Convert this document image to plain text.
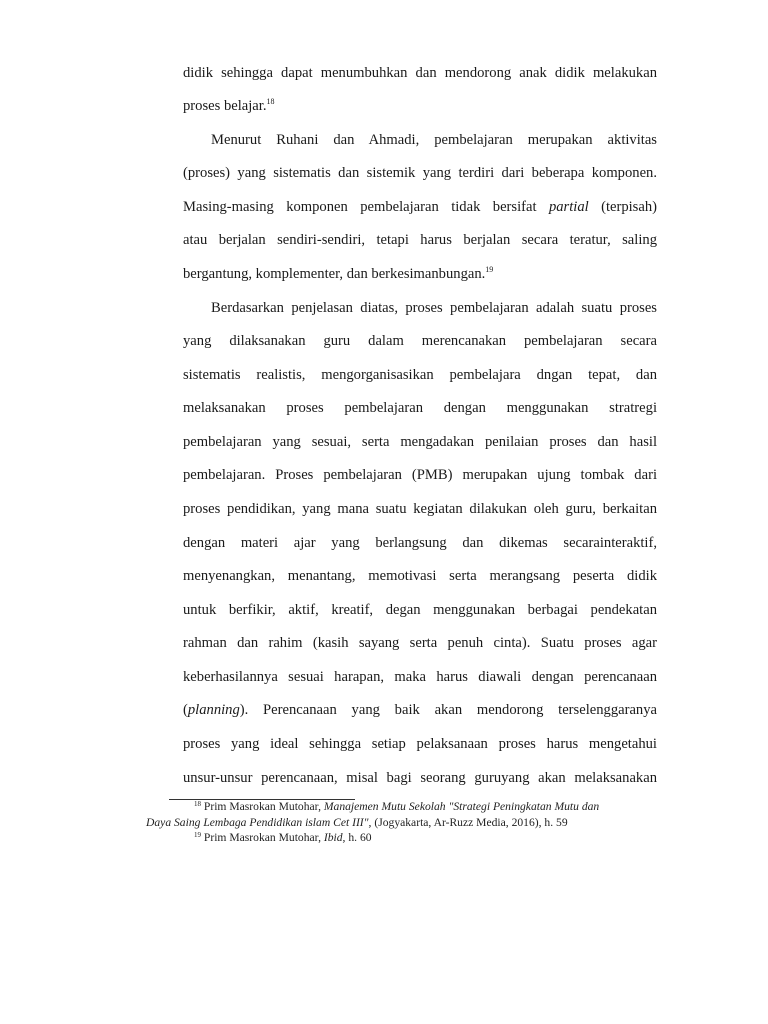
didik sehingga dapat menumbuhkan dan mendorong anak didik melakukan
proses belajar.$^{18}$
Menurut Ruhani dan Ahmadi, pembelajaran merupakan aktivitas
(proses) yang sistematis dan sistemik yang terdiri dari beberapa komponen.
Masing-masing komponen pembelajaran tidak bersifat partial (terpisah)
atau berjalan sendiri-sendiri, tetapi harus berjalan secara teratur, saling
bergantung, komplementer, dan berkesimanbungan.$^{19}$
Berdasarkan penjelasan diatas, proses pembelajaran adalah suatu proses
yang dilaksanakan guru dalam merencanakan pembelajaran secara
sistematis realistis, mengorganisasikan pembelajara dngan tepat, dan
melaksanakan proses pembelajaran dengan menggunakan stratregi
pembelajaran yang sesuai, serta mengadakan penilaian proses dan hasil
pembelajaran. Proses pembelajaran (PMB) merupakan ujung tombak dari
proses pendidikan, yang mana suatu kegiatan dilakukan oleh guru, berkaitan
dengan materi ajar yang berlangsung dan dikemas secarainteraktif,
menyenangkan, menantang, memotivasi serta merangsang peserta didik
untuk berfikir, aktif, kreatif, degan menggunakan berbagai pendekatan
rahman dan rahim (kasih sayang serta penuh cinta). Suatu proses agar
keberhasilannya sesuai harapan, maka harus diawali dengan perencanaan
(planning). Perencanaan yang baik akan mendorong terselenggaranya
proses yang ideal sehingga setiap pelaksanaan proses harus mengetahui
unsur-unsur perencanaan, misal bagi seorang guruyang akan melaksanakan
$^{18}$ Prim Masrokan Mutohar, Manajemen Mutu Sekolah "Strategi Peningkatan Mutu dan
Daya Saing Lembaga Pendidikan islam Cet III", (Jogyakarta, Ar-Ruzz Media, 2016), h. 59
$^{19}$ Prim Masrokan Mutohar, Ibid, h. 60
